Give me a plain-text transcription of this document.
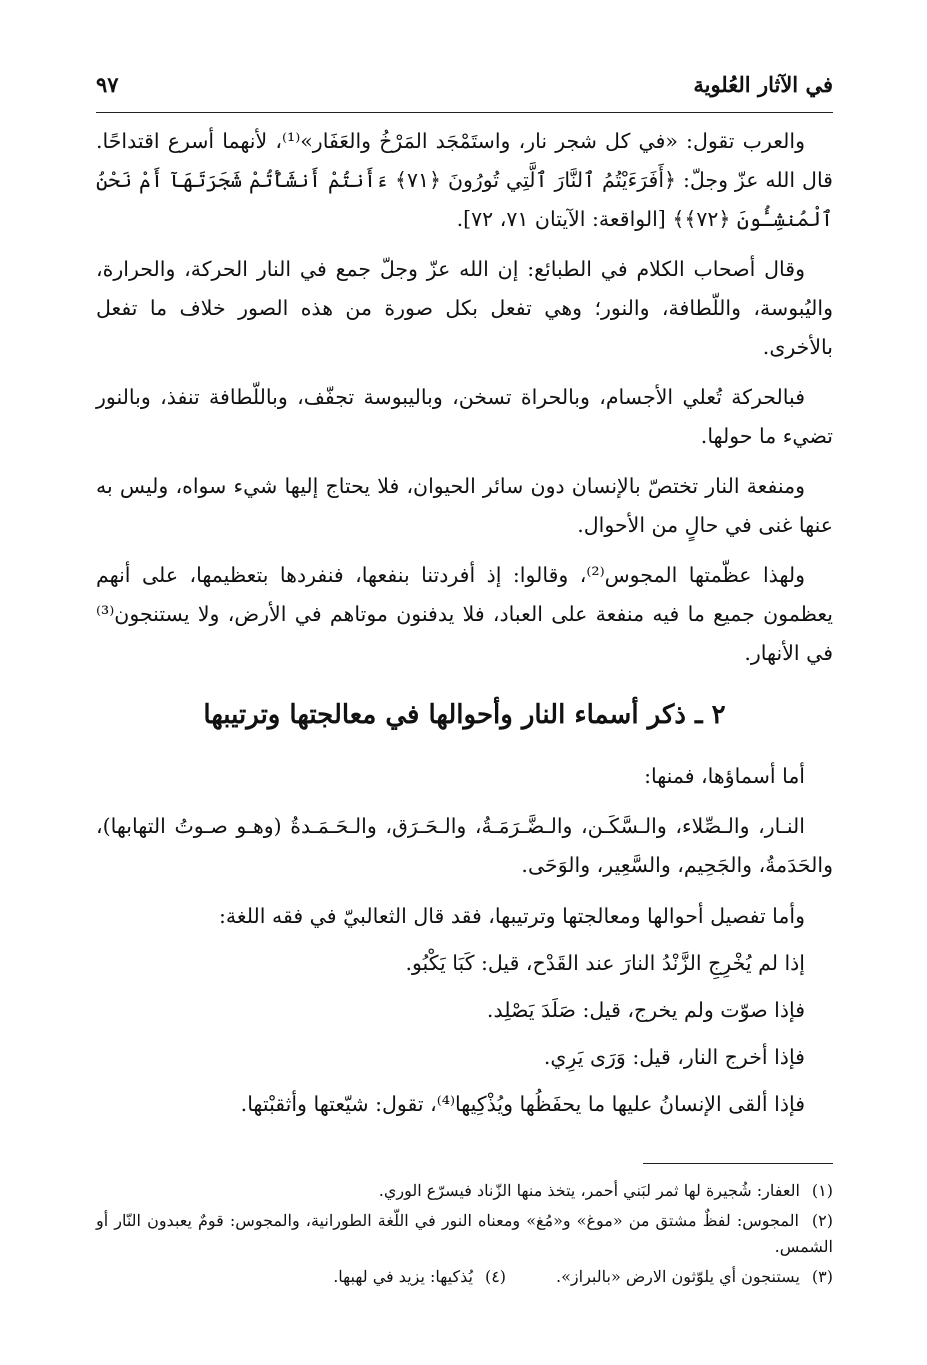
في الآثار العُلوية
٩٧

والعرب تقول: «في كل شجر نار، واستَمْجَد المَرْخُ والعَفَار»⁽¹⁾، لأنهما أسرع اقتداحًا. قال الله عزّ وجلّ: ﴿أَفَرَءَيْتُمُ ٱلنَّارَ ٱلَّتِي تُورُونَ ﴿٧١﴾ ءَأَنتُمْ أَنشَأْتُمْ شَجَرَتَهَآ أَمْ نَحْنُ ٱلْمُنشِـُٔونَ ﴿٧٢﴾﴾ [الواقعة: الآيتان ٧١، ٧٢].

وقال أصحاب الكلام في الطبائع: إن الله عزّ وجلّ جمع في النار الحركة، والحرارة، واليُبوسة، واللّطافة، والنور؛ وهي تفعل بكل صورة من هذه الصور خلاف ما تفعل بالأخرى.

فبالحركة تُعلي الأجسام، وبالحراة تسخن، وباليبوسة تجفّف، وباللّطافة تنفذ، وبالنور تضيء ما حولها.

ومنفعة النار تختصّ بالإنسان دون سائر الحيوان، فلا يحتاج إليها شيء سواه، وليس به عنها غنى في حالٍ من الأحوال.

ولهذا عظّمتها المجوس⁽²⁾، وقالوا: إذ أفردتنا بنفعها، فنفردها بتعظيمها، على أنهم يعظمون جميع ما فيه منفعة على العباد، فلا يدفنون موتاهم في الأرض، ولا يستنجون⁽³⁾ في الأنهار.

٢ ـ ذكر أسماء النار وأحوالها في معالجتها وترتيبها

أما أسماؤها، فمنها:

النـار، والـصِّلاء، والـسَّكَـن، والـضَّـرَمَـةُ، والـحَـرَق، والـحَـمَـدةُ (وهـو صـوتُ التهابها)، والحَدَمةُ، والجَحِيم، والسَّعِير، والوَحَى.

وأما تفصيل أحوالها ومعالجتها وترتيبها، فقد قال الثعالبيّ في فقه اللغة:
إذا لم يُخْرِجِ الزَّنْدُ النارَ عند القَدْح، قيل: كَبَا يَكْبُو.
فإذا صوّت ولم يخرج، قيل: صَلَدَ يَصْلِد.
فإذا أخرج النار، قيل: وَرَى يَرِي.
فإذا ألقى الإنسانُ عليها ما يحفَظُها ويُذْكِيها⁽⁴⁾، تقول: شيّعتها وأثقبْتها.
(١) العفار: شُجيرة لها ثمر لبَني أحمر، يتخذ منها الزّناد فيسرّع الوري.
(٢) المجوس: لفظٌ مشتق من «موغ» و«مُغ» ومعناه النور في اللّغة الطورانية، والمجوس: قومٌ يعبدون النّار أو الشمس.
(٣) يستنجون أي يلوّثون الارض «بالبراز».
(٤) يُذكيها: يزيد في لهبها.
